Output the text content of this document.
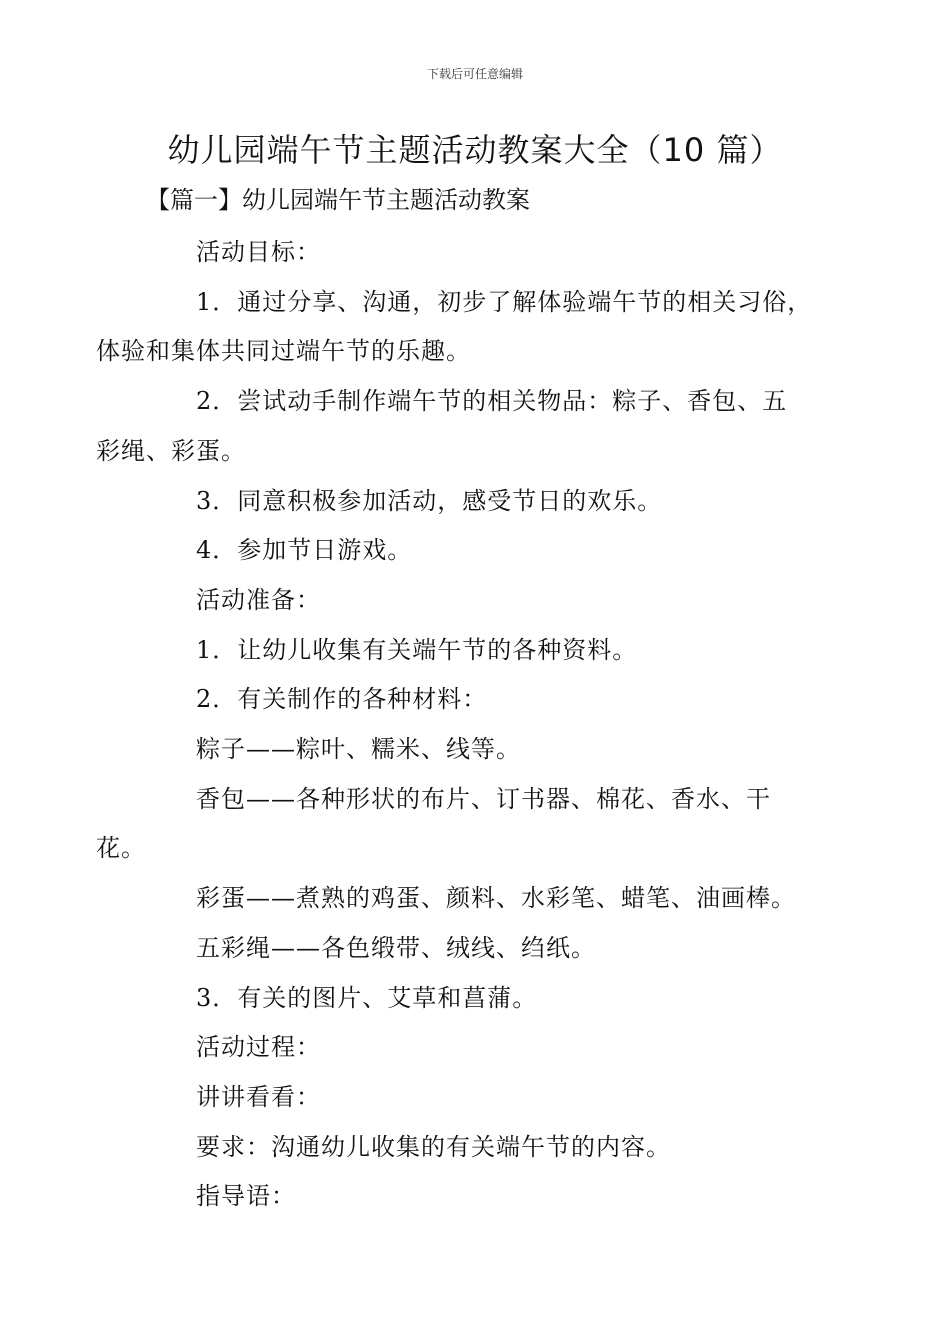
下载后可任意编辑
幼儿园端午节主题活动教案大全（10 篇）
【篇一】幼儿园端午节主题活动教案

活动目标：

1．通过分享、沟通，初步了解体验端午节的相关习俗，
体验和集体共同过端午节的乐趣。

2．尝试动手制作端午节的相关物品：粽子、香包、五
彩绳、彩蛋。

3．同意积极参加活动，感受节日的欢乐。

4．参加节日游戏。

活动准备：

1．让幼儿收集有关端午节的各种资料。

2．有关制作的各种材料：

粽子——粽叶、糯米、线等。

香包——各种形状的布片、订书器、棉花、香水、干
花。

彩蛋——煮熟的鸡蛋、颜料、水彩笔、蜡笔、油画棒。

五彩绳——各色缎带、绒线、绉纸。

3．有关的图片、艾草和菖蒲。

活动过程：

讲讲看看：

要求：沟通幼儿收集的有关端午节的内容。

指导语：
